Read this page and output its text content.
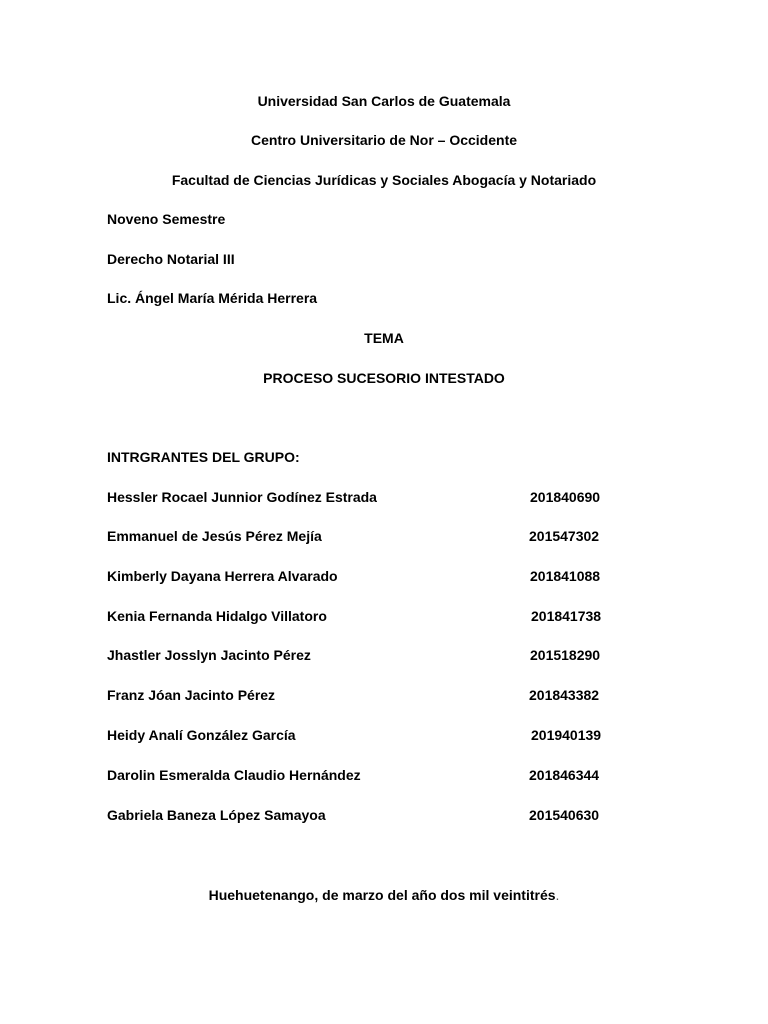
Universidad San Carlos de Guatemala
Centro Universitario de Nor – Occidente
Facultad de Ciencias Jurídicas y Sociales Abogacía y Notariado
Noveno Semestre
Derecho Notarial III
Lic. Ángel María Mérida Herrera
TEMA
PROCESO SUCESORIO INTESTADO
INTRGRANTES DEL GRUPO:
Hessler Rocael Junnior Godínez Estrada	201840690
Emmanuel de Jesús Pérez Mejía	201547302
Kimberly Dayana Herrera Alvarado	201841088
Kenia Fernanda Hidalgo Villatoro	201841738
Jhastler Josslyn Jacinto Pérez	201518290
Franz Jóan Jacinto Pérez	201843382
Heidy Analí González García	201940139
Darolin Esmeralda Claudio Hernández	201846344
Gabriela Baneza López Samayoa	201540630
Huehuetenango, de marzo del año dos mil veintitrés.
